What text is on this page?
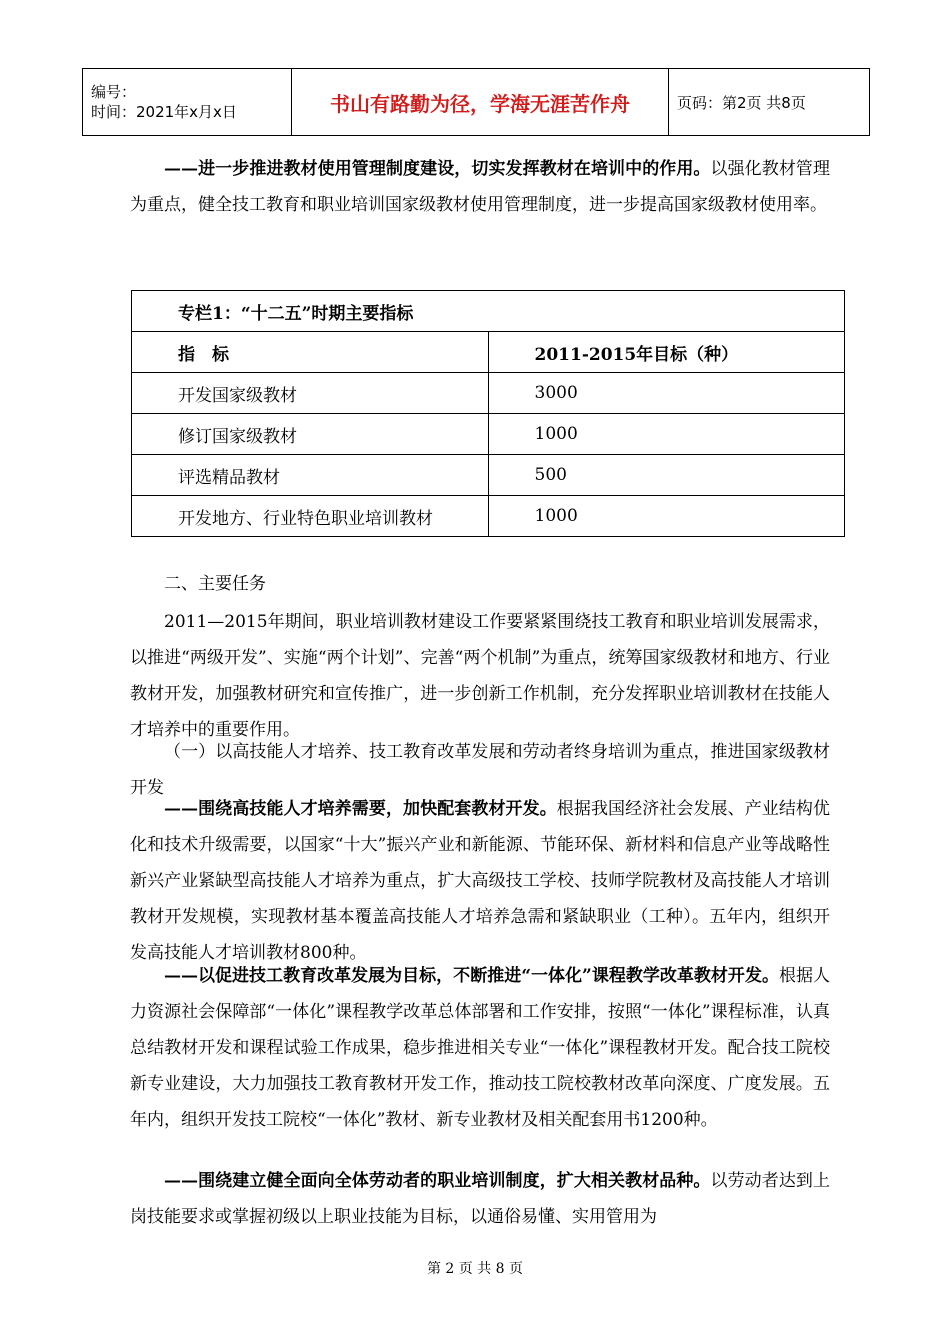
编号：
时间：2021年x月x日	书山有路勤为径，学海无涯苦作舟	页码：第2页 共8页
——进一步推进教材使用管理制度建设，切实发挥教材在培训中的作用。以强化教材管理为重点，健全技工教育和职业培训国家级教材使用管理制度，进一步提高国家级教材使用率。
专栏1：“十二五”时期主要指标	
指　标	2011-2015年目标（种）
开发国家级教材	3000
修订国家级教材	1000
评选精品教材	500
开发地方、行业特色职业培训教材	1000
二、主要任务
2011—2015年期间，职业培训教材建设工作要紧紧围绕技工教育和职业培训发展需求，以推进“两级开发”、实施“两个计划”、完善“两个机制”为重点，统筹国家级教材和地方、行业教材开发，加强教材研究和宣传推广，进一步创新工作机制，充分发挥职业培训教材在技能人才培养中的重要作用。
（一）以高技能人才培养、技工教育改革发展和劳动者终身培训为重点，推进国家级教材开发
——围绕高技能人才培养需要，加快配套教材开发。根据我国经济社会发展、产业结构优化和技术升级需要，以国家“十大”振兴产业和新能源、节能环保、新材料和信息产业等战略性新兴产业紧缺型高技能人才培养为重点，扩大高级技工学校、技师学院教材及高技能人才培训教材开发规模，实现教材基本覆盖高技能人才培养急需和紧缺职业（工种）。五年内，组织开发高技能人才培训教材800种。
——以促进技工教育改革发展为目标，不断推进“一体化”课程教学改革教材开发。根据人力资源社会保障部“一体化”课程教学改革总体部署和工作安排，按照“一体化”课程标准，认真总结教材开发和课程试验工作成果，稳步推进相关专业“一体化”课程教材开发。配合技工院校新专业建设，大力加强技工教育教材开发工作，推动技工院校教材改革向深度、广度发展。五年内，组织开发技工院校“一体化”教材、新专业教材及相关配套用书1200种。
——围绕建立健全面向全体劳动者的职业培训制度，扩大相关教材品种。以劳动者达到上岗技能要求或掌握初级以上职业技能为目标，以通俗易懂、实用管用为
第 2 页 共 8 页
